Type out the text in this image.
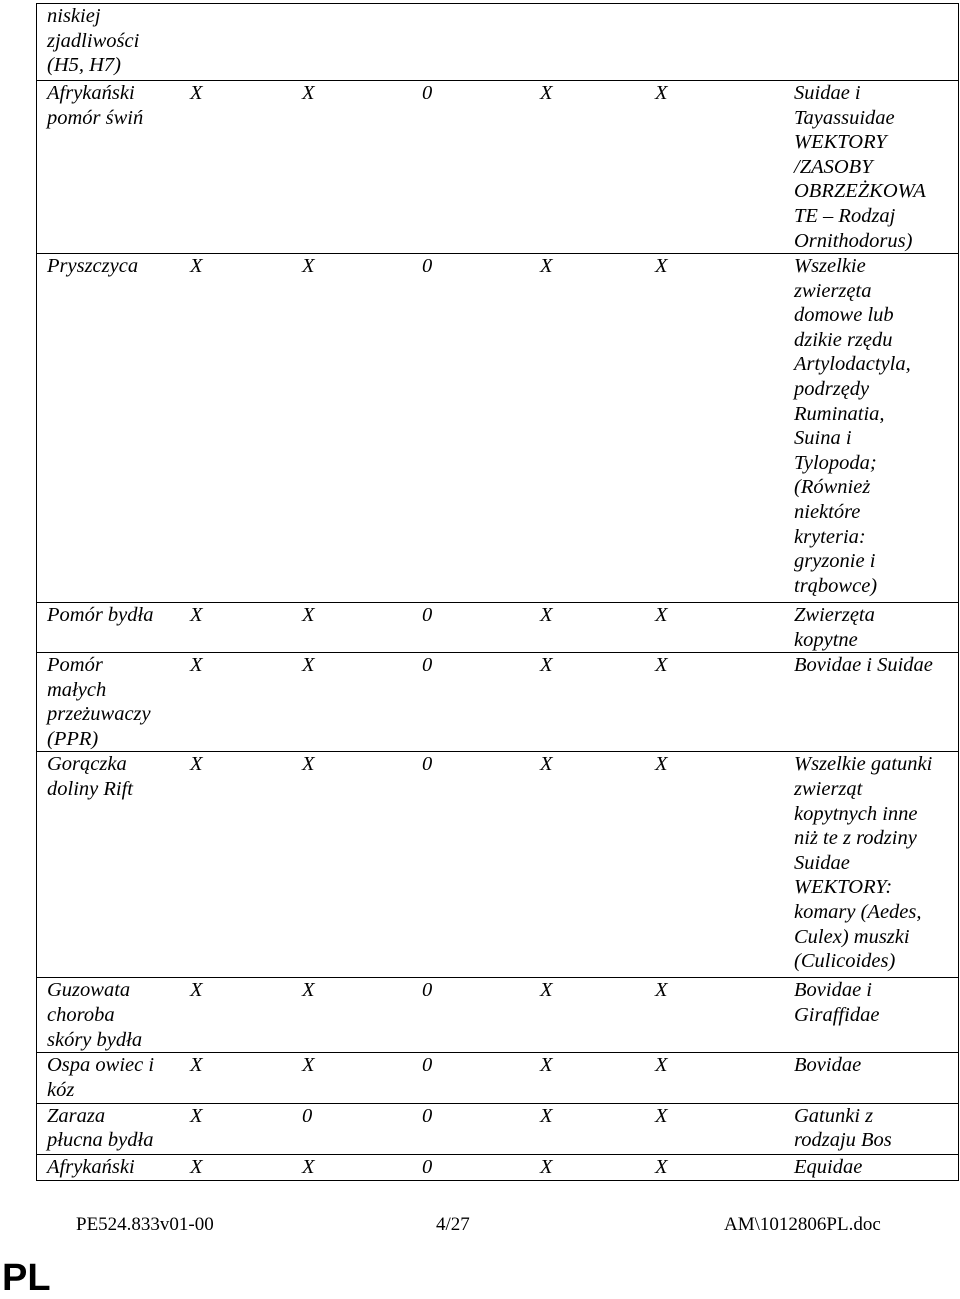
niskiej
zjadliwości
(H5, H7)

Afrykański
pomór świń
X	X	0	X	X	Suidae i
Tayassuidae
WEKTORY
/ZASOBY
OBRZEŻKOWA
TE – Rodzaj
Ornithodorus)

Pryszczyca	X	X	0	X	X	Wszelkie
zwierzęta
domowe lub
dzikie rzędu
Artylodactyla,
podrzędy
Ruminatia,
Suina i
Tylopoda;
(Również
niektóre
kryteria:
gryzonie i
trąbowce)

Pomór bydła	X	X	0	X	X	Zwierzęta
kopytne

Pomór
małych
przeżuwaczy
(PPR)
X	X	0	X	X	Bovidae i Suidae

Gorączka
doliny Rift
X	X	0	X	X	Wszelkie gatunki
zwierząt
kopytnych inne
niż te z rodziny
Suidae
WEKTORY:
komary (Aedes,
Culex) muszki
(Culicoides)

Guzowata
choroba
skóry bydła
X	X	0	X	X	Bovidae i
Giraffidae

Ospa owiec i
kóz
X	X	0	X	X	Bovidae

Zaraza
płucna bydła
X	0	0	X	X	Gatunki z
rodzaju Bos

Afrykański	X	X	0	X	X	Equidae
PE524.833v01-00	4/27	AM\1012806PL.doc
PL
